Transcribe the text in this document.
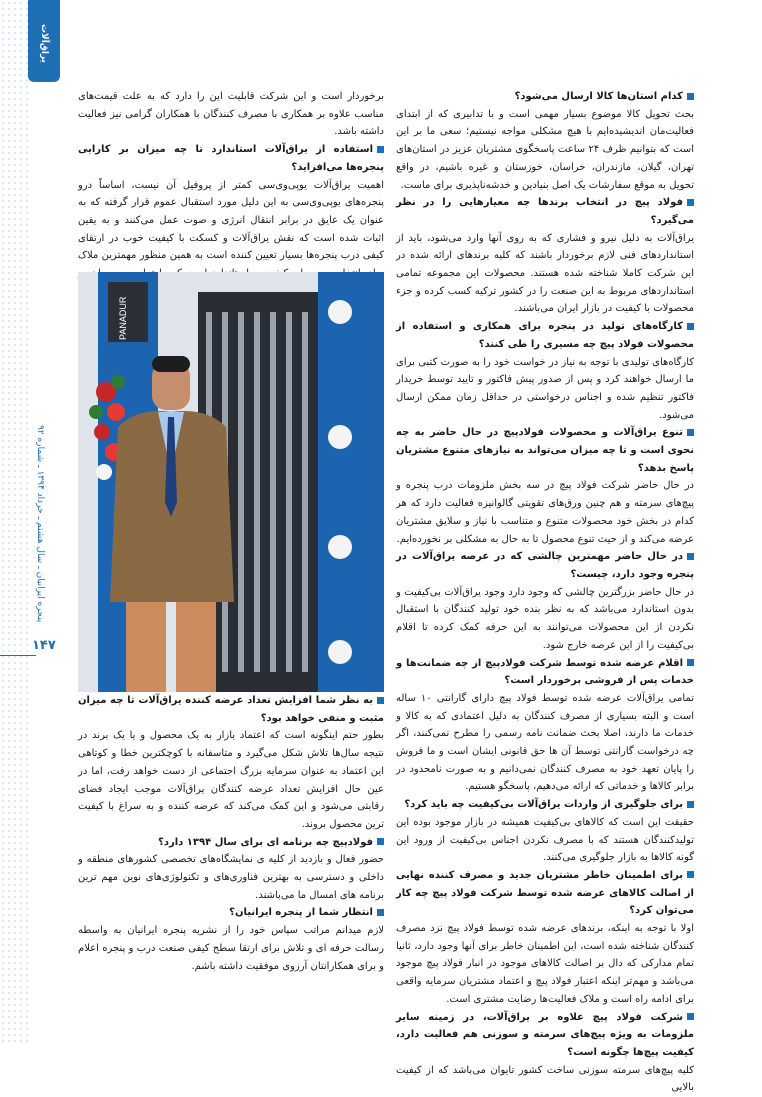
یراق‌آلات
پنجره ایرانیان ـ سال هشتم ـ خرداد ۱۳۹۴ ـ شماره ۹۲
۱۴۷

کدام استان‌ها کالا ارسال می‌شود؟

بحث تحویل کالا موضوع بسیار مهمی است و با تدابیری که از ابتدای فعالیت‌مان اندیشیده‌ایم با هیچ مشکلی مواجه نیستیم؛ سعی ما بر این است که بتوانیم ظرف ۲۴ ساعت پاسخگوی مشتریان عزیز در استان‌های تهران، گیلان، مازندران، خراسان، خوزستان و غیره باشیم، در واقع تحویل به موقع سفارشات یک اصل بنیادین و خدشه‌ناپذیری برای ماست.

فولاد پیچ در انتخاب برندها چه معیارهایی را در نظر می‌گیرد؟

یراق‌آلات به دلیل نیرو و فشاری که به روی آنها وارد می‌شود، باید از استانداردهای فنی لازم برخوردار باشند که کلیه برندهای ارائه شده در این شرکت کاملا شناخته شده هستند. محصولات این مجموعه تمامی استانداردهای مربوط به این صنعت را در کشور ترکیه کسب کرده و جزء محصولات با کیفیت در بازار ایران می‌باشند.

کارگاه‌های تولید در پنجره برای همکاری و استفاده از محصولات فولاد پیچ چه مسیری را طی کنند؟

کارگاه‌های تولیدی با توجه به نیاز در خواست خود را به صورت کتبی برای ما ارسال خواهند کرد و پس از صدور پیش فاکتور و تایید توسط خریدار فاکتور تنظیم شده و اجناس درخواستی در حداقل زمان ممکن ارسال می‌شود.

تنوع یراق‌آلات و محصولات فولادپیچ در حال حاضر به چه نحوی است و تا چه میزان می‌تواند به نیازهای متنوع مشتریان پاسخ بدهد؟

در حال حاضر شرکت فولاد پیچ در سه بخش ملزومات درب پنجره و پیچ‌های سرمته و هم چنین ورق‌های تقویتی گالوانیزه فعالیت دارد که هر کدام در بخش خود محصولات متنوع و متناسب با نیاز و سلایق مشتریان عرضه می‌کند و از حیث تنوع محصول تا به حال به مشکلی بر نخورده‌ایم.

در حال حاضر مهمترین چالشی که در عرصه یراق‌آلات در پنجره وجود دارد، چیست؟

در حال حاضر بزرگترین چالشی که وجود دارد وجود یراق‌آلات بی‌کیفیت و بدون استاندارد می‌باشد که به نظر بنده خود تولید کنندگان با استقبال نکردن از این محصولات می‌توانند به این حرفه کمک کرده تا اقلام بی‌کیفیت را از این عرصه خارج شود.

اقلام عرضه شده توسط شرکت فولادپیچ از چه ضمانت‌ها و خدمات پس از فروشی برخوردار است؟

تمامی یراق‌آلات عرضه شده توسط فولاد پیچ دارای گارانتی ۱۰ ساله است و البته بسیاری از مصرف کنندگان به دلیل اعتمادی که به کالا و خدمات ما دارند، اصلا بحث ضمانت نامه رسمی را مطرح نمی‌کنند، اگر چه درخواست گارانتی توسط آن ها حق قانونی ایشان است و ما فروش را پایان تعهد خود به مصرف کنندگان نمی‌دانیم و به صورت نامحدود در برابر کالاها و خدماتی که ارائه می‌دهیم، پاسخگو هستیم.

برای جلوگیری از واردات یراق‌آلات بی‌کیفیت چه باید کرد؟

حقیقت این است که کالاهای بی‌کیفیت همیشه در بازار موجود بوده این تولیدکنندگان هستند که با مصرف نکردن اجناس بی‌کیفیت از ورود این گونه کالاها به بازار جلوگیری می‌کنند.

برای اطمینان خاطر مشتریان جدید و مصرف کننده نهایی از اصالت کالاهای عرضه شده توسط شرکت فولاد پیچ چه کار می‌توان کرد؟

اولا با توجه به اینکه، برندهای عرضه شده توسط فولاد پیچ نزد مصرف کنندگان شناخته شده است، این اطمینان خاطر برای آنها وجود دارد، ثانیا تمام مدارکی که دال بر اصالت کالاهای موجود در انبار فولاد پیچ موجود می‌باشد و مهم‌تر اینکه اعتبار فولاد پیچ و اعتماد مشتریان سرمایه واقعی برای ادامه راه است و ملاک فعالیت‌ها رضایت مشتری است.

شرکت فولاد پیچ علاوه بر یراق‌آلات، در زمینه سایر ملزومات به ویژه پیچ‌های سرمته و سوزنی هم فعالیت دارد، کیفیت پیچ‌ها چگونه است؟

کلیه پیچ‌های سرمته سوزنی ساخت کشور تایوان می‌باشد که از کیفیت بالایی

برخوردار است و این شرکت قابلیت این را دارد که به علت قیمت‌های مناسب علاوه بر همکاری با مصرف کنندگان با همکاران گرامی نیز فعالیت داشته باشد.

استفاده از یراق‌آلات استاندارد تا چه میزان بر کارایی پنجره‌ها می‌افزاید؟

اهمیت یراق‌آلات یو‌پی‌وی‌سی کمتر از پروفیل آن نیست، اساساً درو پنجره‌های یو‌پی‌وی‌سی به این دلیل مورد استقبال عموم قرار گرفته که به عنوان یک عایق در برابر انتقال انرژی و صوت عمل می‌کنند و به یقین اثبات شده است که نقش یراق‌آلات و کسکت با کیفیت خوب در ارتقای کیفی درب پنجره‌ها بسیار تعیین کننده است به همین منظور مهمترین ملاک

PANADUR

به نظر شما افزایش تعداد عرضه کننده یراق‌آلات تا چه میزان مثبت و منفی خواهد بود؟

بطور حتم اینگونه است که اعتماد بازار به یک محصول و یا یک برند در نتیجه سال‌ها تلاش شکل می‌گیرد و متاسفانه با کوچکترین خطا و کوتاهی این اعتماد به عنوان سرمایه بزرگ اجتماعی از دست خواهد رفت، اما در عین حال افزایش تعداد عرضه کنندگان یراق‌آلات موجب ایجاد فضای رقابتی می‌شود و این کمک می‌کند که عرضه کننده و به سراغ با کیفیت ترین محصول بروند.

فولادپیچ چه برنامه ای برای سال ۱۳۹۴ دارد؟

حضور فعال و بازدید از کلیه ی نمایشگاه‌های تخصصی کشورهای منطقه و داخلی و دسترسی به بهترین فناوری‌های و تکنولوژی‌های نوین مهم ترین برنامه های امسال ما می‌باشند.

انتظار شما از پنجره ایرانیان؟

لازم میدانم مراتب سپاس خود را از نشریه پنجره ایرانیان به واسطه رسالت حرفه ای و تلاش برای ارتقا سطح کیفی صنعت درب و پنجره اعلام و برای همکارانتان آرزوی موفقیت داشته باشم.
